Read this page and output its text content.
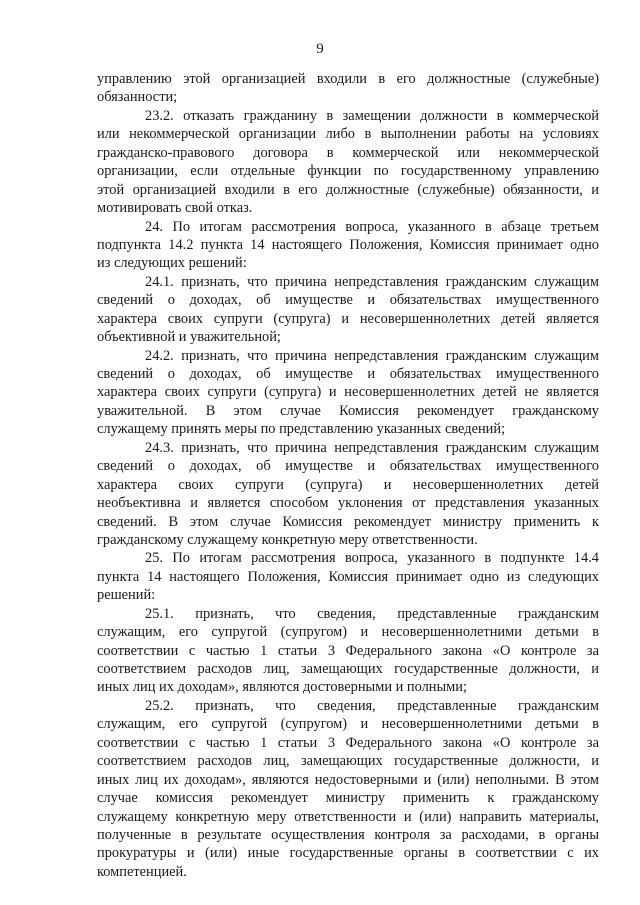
9
управлению этой организацией входили в его должностные (служебные)
обязанности;
23.2. отказать гражданину в замещении должности в коммерческой
или некоммерческой организации либо в выполнении работы на условиях
гражданско-правового договора в коммерческой или некоммерческой
организации, если отдельные функции по государственному управлению
этой организацией входили в его должностные (служебные) обязанности, и
мотивировать свой отказ.
24. По итогам рассмотрения вопроса, указанного в абзаце третьем
подпункта 14.2 пункта 14 настоящего Положения, Комиссия принимает одно
из следующих решений:
24.1. признать, что причина непредставления гражданским служащим
сведений о доходах, об имуществе и обязательствах имущественного
характера своих супруги (супруга) и несовершеннолетних детей является
объективной и уважительной;
24.2. признать, что причина непредставления гражданским служащим
сведений о доходах, об имуществе и обязательствах имущественного
характера своих супруги (супруга) и несовершеннолетних детей не является
уважительной. В этом случае Комиссия рекомендует гражданскому
служащему принять меры по представлению указанных сведений;
24.3. признать, что причина непредставления гражданским служащим
сведений о доходах, об имуществе и обязательствах имущественного
характера своих супруги (супруга) и несовершеннолетних детей
необъективна и является способом уклонения от представления указанных
сведений. В этом случае Комиссия рекомендует министру применить к
гражданскому служащему конкретную меру ответственности.
25. По итогам рассмотрения вопроса, указанного в подпункте 14.4
пункта 14 настоящего Положения, Комиссия принимает одно из следующих
решений:
25.1. признать, что сведения, представленные гражданским
служащим, его супругой (супругом) и несовершеннолетними детьми в
соответствии с частью 1 статьи 3 Федерального закона «О контроле за
соответствием расходов лиц, замещающих государственные должности, и
иных лиц их доходам», являются достоверными и полными;
25.2. признать, что сведения, представленные гражданским
служащим, его супругой (супругом) и несовершеннолетними детьми в
соответствии с частью 1 статьи 3 Федерального закона «О контроле за
соответствием расходов лиц, замещающих государственные должности, и
иных лиц их доходам», являются недостоверными и (или) неполными. В этом
случае комиссия рекомендует министру применить к гражданскому
служащему конкретную меру ответственности и (или) направить материалы,
полученные в результате осуществления контроля за расходами, в органы
прокуратуры и (или) иные государственные органы в соответствии с их
компетенцией.
